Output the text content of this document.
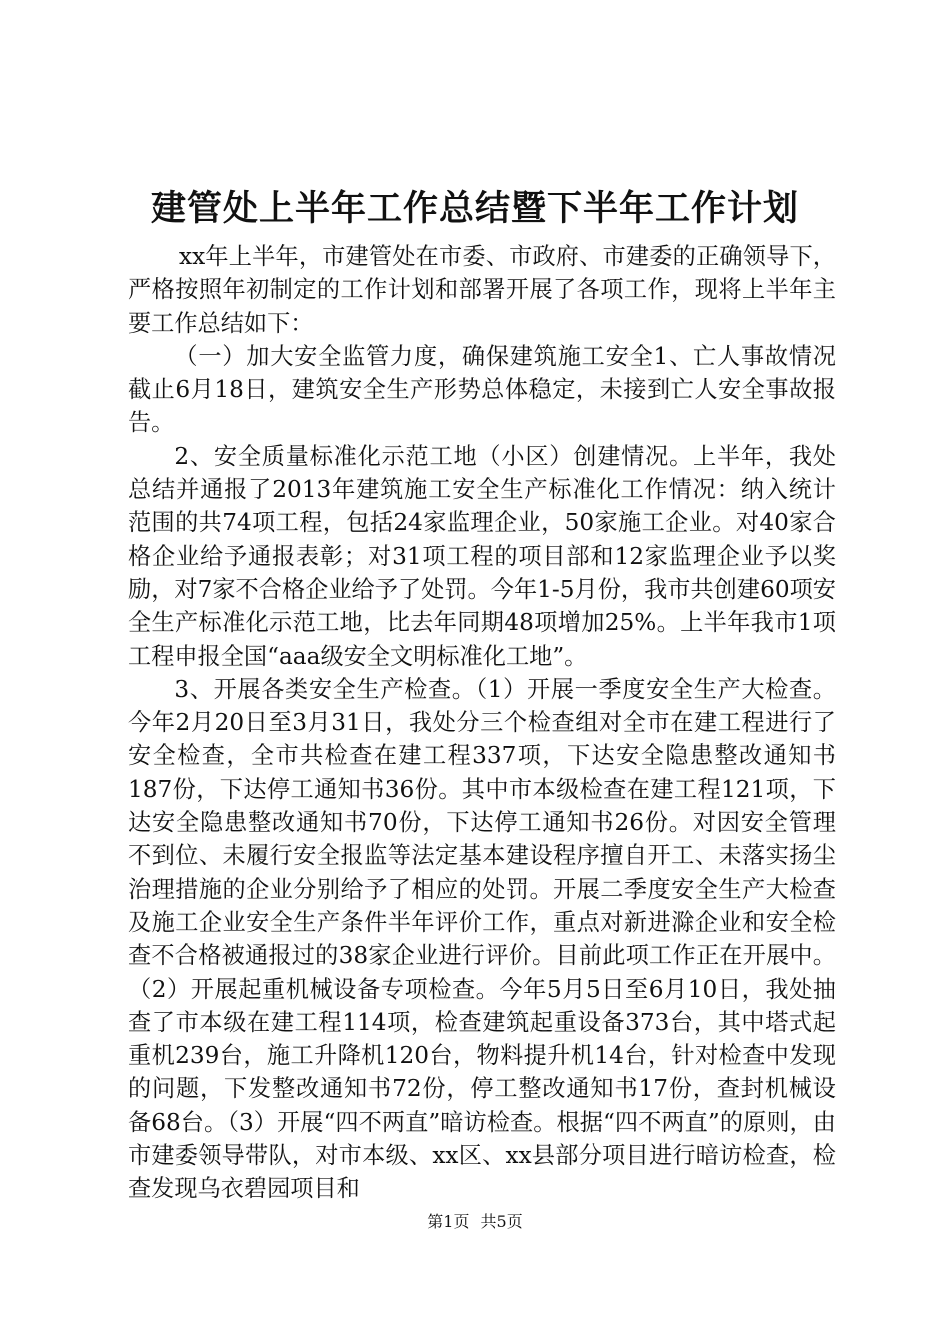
建管处上半年工作总结暨下半年工作计划

xx年上半年，市建管处在市委、市政府、市建委的正确领导下，严格按照年初制定的工作计划和部署开展了各项工作，现将上半年主要工作总结如下：

（一）加大安全监管力度，确保建筑施工安全1、亡人事故情况截止6月18日，建筑安全生产形势总体稳定，未接到亡人安全事故报告。

2、安全质量标准化示范工地（小区）创建情况。上半年，我处总结并通报了2013年建筑施工安全生产标准化工作情况：纳入统计范围的共74项工程，包括24家监理企业，50家施工企业。对40家合格企业给予通报表彰；对31项工程的项目部和12家监理企业予以奖励，对7家不合格企业给予了处罚。今年1-5月份，我市共创建60项安全生产标准化示范工地，比去年同期48项增加25%。上半年我市1项工程申报全国“aaa级安全文明标准化工地”。

3、开展各类安全生产检查。（1）开展一季度安全生产大检查。今年2月20日至3月31日，我处分三个检查组对全市在建工程进行了安全检查，全市共检查在建工程337项，下达安全隐患整改通知书187份，下达停工通知书36份。其中市本级检查在建工程121项，下达安全隐患整改通知书70份，下达停工通知书26份。对因安全管理不到位、未履行安全报监等法定基本建设程序擅自开工、未落实扬尘治理措施的企业分别给予了相应的处罚。开展二季度安全生产大检查及施工企业安全生产条件半年评价工作，重点对新进滁企业和安全检查不合格被通报过的38家企业进行评价。目前此项工作正在开展中。（2）开展起重机械设备专项检查。今年5月5日至6月10日，我处抽查了市本级在建工程114项，检查建筑起重设备373台，其中塔式起重机239台，施工升降机120台，物料提升机14台，针对检查中发现的问题，下发整改通知书72份，停工整改通知书17份，查封机械设备68台。（3）开展“四不两直”暗访检查。根据“四不两直”的原则，由市建委领导带队，对市本级、xx区、xx县部分项目进行暗访检查，检查发现乌衣碧园项目和

第1页 共5页
